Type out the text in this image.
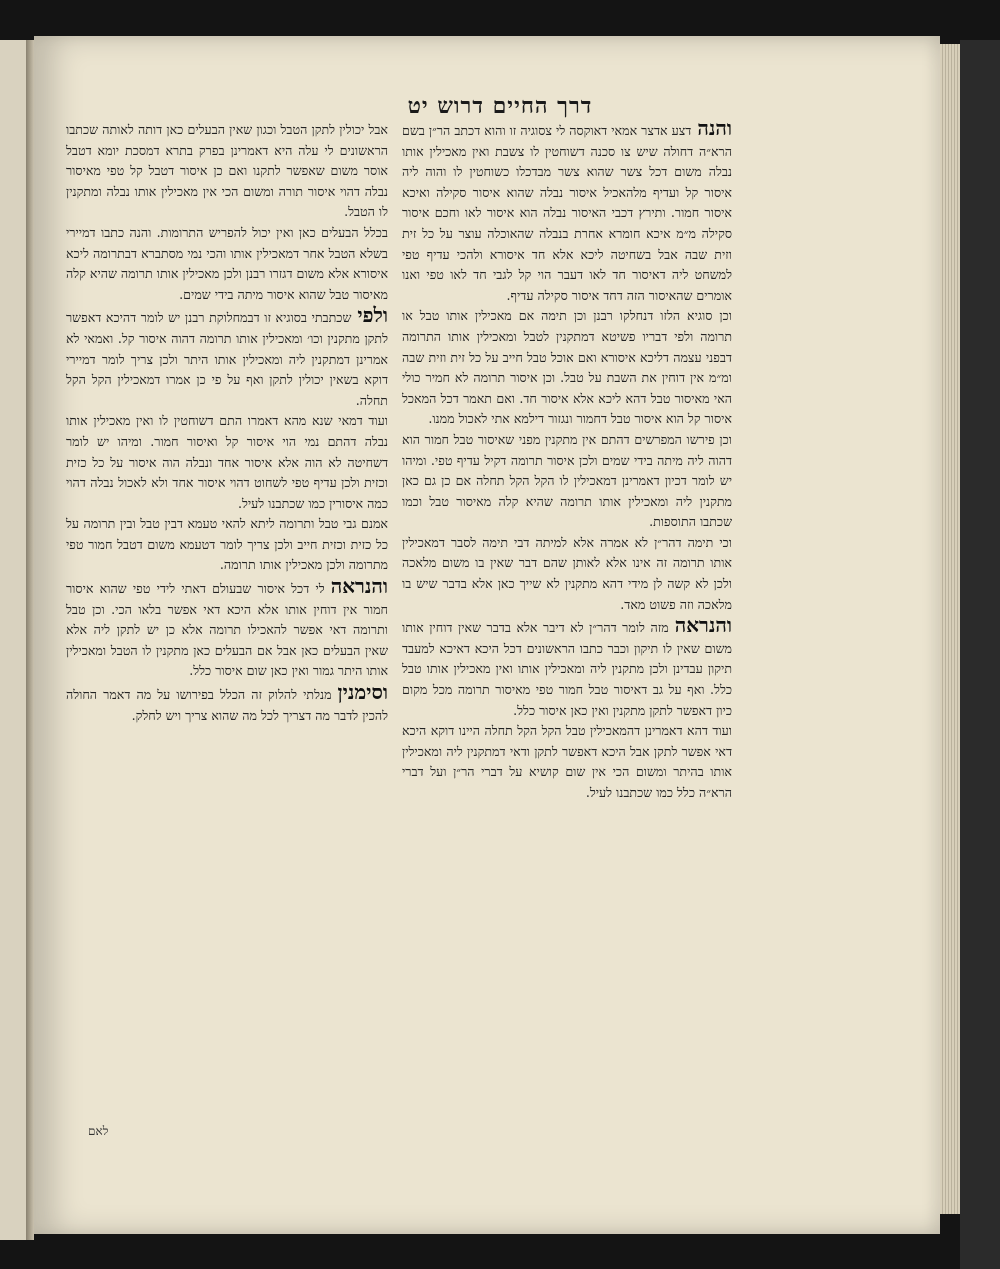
דרך החיים דרוש יט

והנהדצע אדצר אמאי דאוקסה לי צסוגיה זו והוא דכתב הר״ן בשם הרא״ה דחולה שיש צו סכנה דשוחטין לו צשבת ואין מאכילין אותו נבלה משום דכל צשר שהוא צשר מבדכלו כשוחטין לו והוה ליה איסור קל ועדיף מלהאכיל איסור נבלה שהוא איסור סקילה ואיכא איסור חמור. ותירץ דכבי האיסור נבלה הוא איסור לאו וחכם איסור סקילה מ״מ איכא חומרא אחרת בנבלה שהאוכלה עוצר על כל זית וזית שבה אבל בשחיטה ליכא אלא חד איסורא ולהכי עדיף טפי למשחט ליה דאיסור חד לאו דעבר הוי קל לגבי חד לאו טפי ואנו אומרים שהאיסור הזה דחד איסור סקילה עדיף.

וכן סוגיא הלזו דנחלקו רבנן וכן תימה אם מאכילין אותו טבל או תרומה ולפי דבריו פשיטא דמתקנין לטבל ומאכילין אותו התרומה דבפני עצמה דליכא איסורא ואם אוכל טבל חייב על כל זית וזית שבה ומ״מ אין דוחין את השבת על טבל. וכן איסור תרומה לא חמיר כולי האי מאיסור טבל דהא ליכא אלא איסור חד. ואם תאמר דכל המאכל איסור קל הוא איסור טבל דחמור ונגזור דילמא אתי לאכול ממנו.

וכן פירשו המפרשים דהתם אין מתקנין מפני שאיסור טבל חמור הוא דהוה ליה מיתה בידי שמים ולכן איסור תרומה דקיל עדיף טפי. ומיהו יש לומר דכיון דאמרינן דמאכילין לו הקל הקל תחלה אם כן גם כאן מתקנין ליה ומאכילין אותו תרומה שהיא קלה מאיסור טבל וכמו שכתבו התוספות.

וכי תימה דהר״ן לא אמרה אלא למיתה דבי תימה לסבר דמאכילין אותו תרומה זה אינו אלא לאותן שהם דבר שאין בו משום מלאכה ולכן לא קשה לן מידי דהא מתקנין לא שייך כאן אלא בדבר שיש בו מלאכה וזה פשוט מאד.

והנראהמזה לומר דהר״ן לא דיבר אלא בדבר שאין דוחין אותו משום שאין לו תיקון וכבר כתבו הראשונים דכל היכא דאיכא למעבד תיקון עבדינן ולכן מתקנין ליה ומאכילין אותו ואין מאכילין אותו טבל כלל. ואף על גב דאיסור טבל חמור טפי מאיסור תרומה מכל מקום כיון דאפשר לתקן מתקנין ואין כאן איסור כלל.

ועוד דהא דאמרינן דהמאכילין טבל הקל הקל תחלה היינו דוקא היכא דאי אפשר לתקן אבל היכא דאפשר לתקן ודאי דמתקנין ליה ומאכילין אותו בהיתר ומשום הכי אין שום קושיא על דברי הר״ן ועל דברי הרא״ה כלל כמו שכתבנו לעיל.

אבל יכולין לתקן הטבל וכגון שאין הבעלים כאן דותה לאותה שכתבו הראשונים לי עלה היא דאמרינן בפרק בתרא דמסכת יומא דטבל אוסר משום שאפשר לתקנו ואם כן איסור דטבל קל טפי מאיסור נבלה דהוי איסור תורה ומשום הכי אין מאכילין אותו נבלה ומתקנין לו הטבל.

בכלל הבעלים כאן ואין יכול להפריש התרומות. והנה כתבו דמיירי בשלא הטבל אחר דמאכילין אותו והכי נמי מסתברא דבתרומה ליכא איסורא אלא משום דגזרו רבנן ולכן מאכילין אותו תרומה שהיא קלה מאיסור טבל שהוא איסור מיתה בידי שמים.

ולפישכתבתי בסוגיא זו דבמחלוקת רבנן יש לומר דהיכא דאפשר לתקן מתקנין וכו׳ ומאכילין אותו תרומה דהוה איסור קל. ואמאי לא אמרינן דמתקנין ליה ומאכילין אותו היתר ולכן צריך לומר דמיירי דוקא בשאין יכולין לתקן ואף על פי כן אמרו דמאכילין הקל הקל תחלה.

ועוד דמאי שנא מהא דאמרו התם דשוחטין לו ואין מאכילין אותו נבלה דהתם נמי הוי איסור קל ואיסור חמור. ומיהו יש לומר דשחיטה לא הוה אלא איסור אחד ונבלה הוה איסור על כל כזית וכזית ולכן עדיף טפי לשחוט דהוי איסור אחד ולא לאכול נבלה דהוי כמה איסורין כמו שכתבנו לעיל.

אמנם גבי טבל ותרומה ליתא להאי טעמא דבין טבל ובין תרומה על כל כזית וכזית חייב ולכן צריך לומר דטעמא משום דטבל חמור טפי מתרומה ולכן מאכילין אותו תרומה.

והנראהלי דכל איסור שבעולם דאתי לידי טפי שהוא איסור חמור אין דוחין אותו אלא היכא דאי אפשר בלאו הכי. וכן טבל ותרומה דאי אפשר להאכילו תרומה אלא כן יש לתקן ליה אלא שאין הבעלים כאן אבל אם הבעלים כאן מתקנין לו הטבל ומאכילין אותו היתר גמור ואין כאן שום איסור כלל.

וסימניןמנלתי להלוק זה הכלל בפירושו על מה דאמר החולה להכין לדבר מה דצריך לכל מה שהוא צריך ויש לחלק.

לאם
